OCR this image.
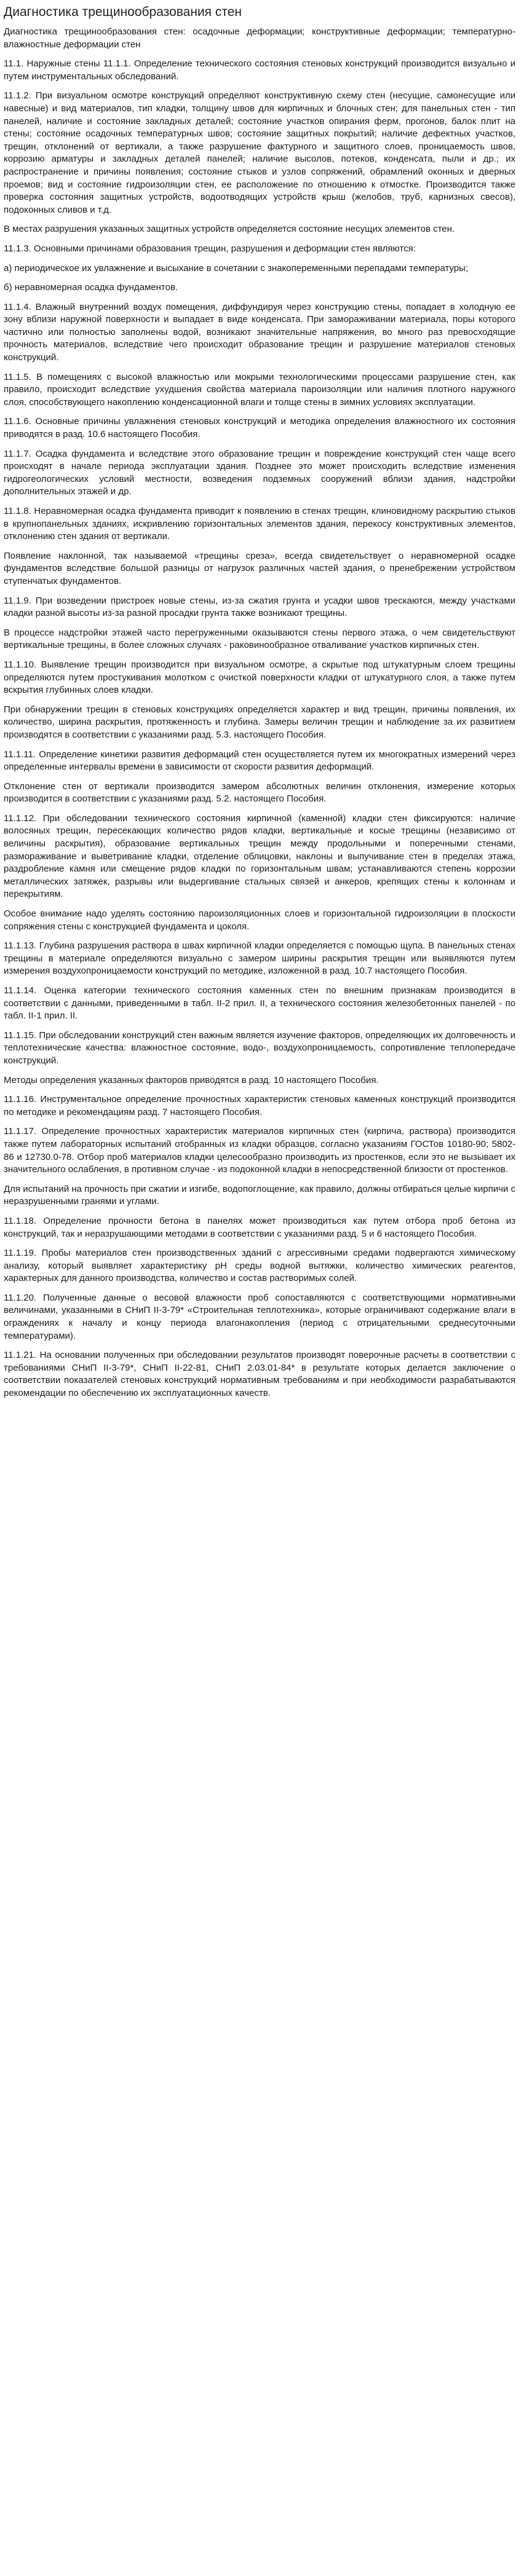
Диагностика трещинообразования стен

Диагностика трещинообразования стен: осадочные деформации; конструктивные деформации; температурно-влажностные деформации стен

11.1. Наружные стены 11.1.1. Определение технического состояния стеновых конструкций производится визуально и путем инструментальных обследований.

11.1.2. При визуальном осмотре конструкций определяют конструктивную схему стен (несущие, самонесущие или навесные) и вид материалов, тип кладки, толщину швов для кирпичных и блочных стен; для панельных стен - тип панелей, наличие и состояние закладных деталей; состояние участков опирания ферм, прогонов, балок плит на стены; состояние осадочных температурных швов; состояние защитных покрытий; наличие дефектных участков, трещин, отклонений от вертикали, а также разрушение фактурного и защитного слоев, проницаемость швов, коррозию арматуры и закладных деталей панелей; наличие высолов, потеков, конденсата, пыли и др.; их распространение и причины появления; состояние стыков и узлов сопряжений, обрамлений оконных и дверных проемов; вид и состояние гидроизоляции стен, ее расположение по отношению к отмостке. Производится также проверка состояния защитных устройств, водоотводящих устройств крыш (желобов, труб, карнизных свесов), подоконных сливов и т.д.

В местах разрушения указанных защитных устройств определяется состояние несущих элементов стен.

11.1.3. Основными причинами образования трещин, разрушения и деформации стен являются:

а) периодическое их увлажнение и высыхание в сочетании с знакопеременными перепадами температуры;

б) неравномерная осадка фундаментов.

11.1.4. Влажный внутренний воздух помещения, диффундируя через конструкцию стены, попадает в холодную ее зону вблизи наружной поверхности и выпадает в виде конденсата. При замораживании материала, поры которого частично или полностью заполнены водой, возникают значительные напряжения, во много раз превосходящие прочность материалов, вследствие чего происходит образование трещин и разрушение материалов стеновых конструкций.

11.1.5. В помещениях с высокой влажностью или мокрыми технологическими процессами разрушение стен, как правило, происходит вследствие ухудшения свойства материала пароизоляции или наличия плотного наружного слоя, способствующего накоплению конденсационной влаги и толще стены в зимних условиях эксплуатации.

11.1.6. Основные причины увлажнения стеновых конструкций и методика определения влажностного их состояния приводятся в разд. 10.6 настоящего Пособия.

11.1.7. Осадка фундамента и вследствие этого образование трещин и повреждение конструкций стен чаще всего происходят в начале периода эксплуатации здания. Позднее это может происходить вследствие изменения гидрогеологических условий местности, возведения подземных сооружений вблизи здания, надстройки дополнительных этажей и др.

11.1.8. Неравномерная осадка фундамента приводит к появлению в стенах трещин, клиновидному раскрытию стыков в крупнопанельных зданиях, искривлению горизонтальных элементов здания, перекосу конструктивных элементов, отклонению стен здания от вертикали.

Появление наклонной, так называемой «трещины среза», всегда свидетельствует о неравномерной осадке фундаментов вследствие большой разницы от нагрузок различных частей здания, о пренебрежении устройством ступенчатых фундаментов.

11.1.9. При возведении пристроек новые стены, из-за сжатия грунта и усадки швов трескаются, между участками кладки разной высоты из-за разной просадки грунта также возникают трещины.

В процессе надстройки этажей часто перегруженными оказываются стены первого этажа, о чем свидетельствуют вертикальные трещины, в более сложных случаях - раковинообразное отваливание участков кирпичных стен.

11.1.10. Выявление трещин производится при визуальном осмотре, а скрытые под штукатурным слоем трещины определяются путем простукивания молотком с очисткой поверхности кладки от штукатурного слоя, а также путем вскрытия глубинных слоев кладки.

При обнаружении трещин в стеновых конструкциях определяется характер и вид трещин, причины появления, их количество, ширина раскрытия, протяженность и глубина. Замеры величин трещин и наблюдение за их развитием производятся в соответствии с указаниями разд. 5.3. настоящего Пособия.

11.1.11. Определение кинетики развития деформаций стен осуществляется путем их многократных измерений через определенные интервалы времени в зависимости от скорости развития деформаций.

Отклонение стен от вертикали производится замером абсолютных величин отклонения, измерение которых производится в соответствии с указаниями разд. 5.2. настоящего Пособия.

11.1.12. При обследовании технического состояния кирпичной (каменной) кладки стен фиксируются: наличие волосяных трещин, пересекающих количество рядов кладки, вертикальные и косые трещины (независимо от величины раскрытия), образование вертикальных трещин между продольными и поперечными стенами, размораживание и выветривание кладки, отделение облицовки, наклоны и выпучивание стен в пределах этажа, раздробление камня или смещение рядов кладки по горизонтальным швам; устанавливаются степень коррозии металлических затяжек, разрывы или выдергивание стальных связей и анкеров, крепящих стены к колоннам и перекрытиям.

Особое внимание надо уделять состоянию пароизоляционных слоев и горизонтальной гидроизоляции в плоскости сопряжения стены с конструкцией фундамента и цоколя.

11.1.13. Глубина разрушения раствора в швах кирпичной кладки определяется с помощью щупа. В панельных стенах трещины в материале определяются визуально с замером ширины раскрытия трещин или выявляются путем измерения воздухопроницаемости конструкций по методике, изложенной в разд. 10.7 настоящего Пособия.

11.1.14. Оценка категории технического состояния каменных стен по внешним признакам производится в соответствии с данными, приведенными в табл. II-2 прил. II, а технического состояния железобетонных панелей - по табл. II-1 прил. II.

11.1.15. При обследовании конструкций стен важным является изучение факторов, определяющих их долговечность и теплотехнические качества: влажностное состояние, водо-, воздухопроницаемость, сопротивление теплопередаче конструкций.

Методы определения указанных факторов приводятся в разд. 10 настоящего Пособия.

11.1.16. Инструментальное определение прочностных характеристик стеновых каменных конструкций производится по методике и рекомендациям разд. 7 настоящего Пособия.

11.1.17. Определение прочностных характеристик материалов кирпичных стен (кирпича, раствора) производится также путем лабораторных испытаний отобранных из кладки образцов, согласно указаниям ГОСТов 10180-90; 5802-86 и 12730.0-78. Отбор проб материалов кладки целесообразно производить из простенков, если это не вызывает их значительного ослабления, в противном случае - из подоконной кладки в непосредственной близости от простенков.

Для испытаний на прочность при сжатии и изгибе, водопоглощение, как правило, должны отбираться целые кирпичи с неразрушенными гранями и углами.

11.1.18. Определение прочности бетона в панелях может производиться как путем отбора проб бетона из конструкций, так и неразрушающими методами в соответствии с указаниями разд. 5 и 6 настоящего Пособия.

11.1.19. Пробы материалов стен производственных зданий с агрессивными средами подвергаются химическому анализу, который выявляет характеристику pH среды водной вытяжки, количество химических реагентов, характерных для данного производства, количество и состав растворимых солей.

11.1.20. Полученные данные о весовой влажности проб сопоставляются с соответствующими нормативными величинами, указанными в СНиП II-3-79* «Строительная теплотехника», которые ограничивают содержание влаги в ограждениях к началу и концу периода влагонакопления (период с отрицательными среднесуточными температурами).

11.1.21. На основании полученных при обследовании результатов производят поверочные расчеты в соответствии с требованиями СНиП II-3-79*, СНиП II-22-81, СНиП 2.03.01-84* в результате которых делается заключение о соответствии показателей стеновых конструкций нормативным требованиям и при необходимости разрабатываются рекомендации по обеспечению их эксплуатационных качеств.
